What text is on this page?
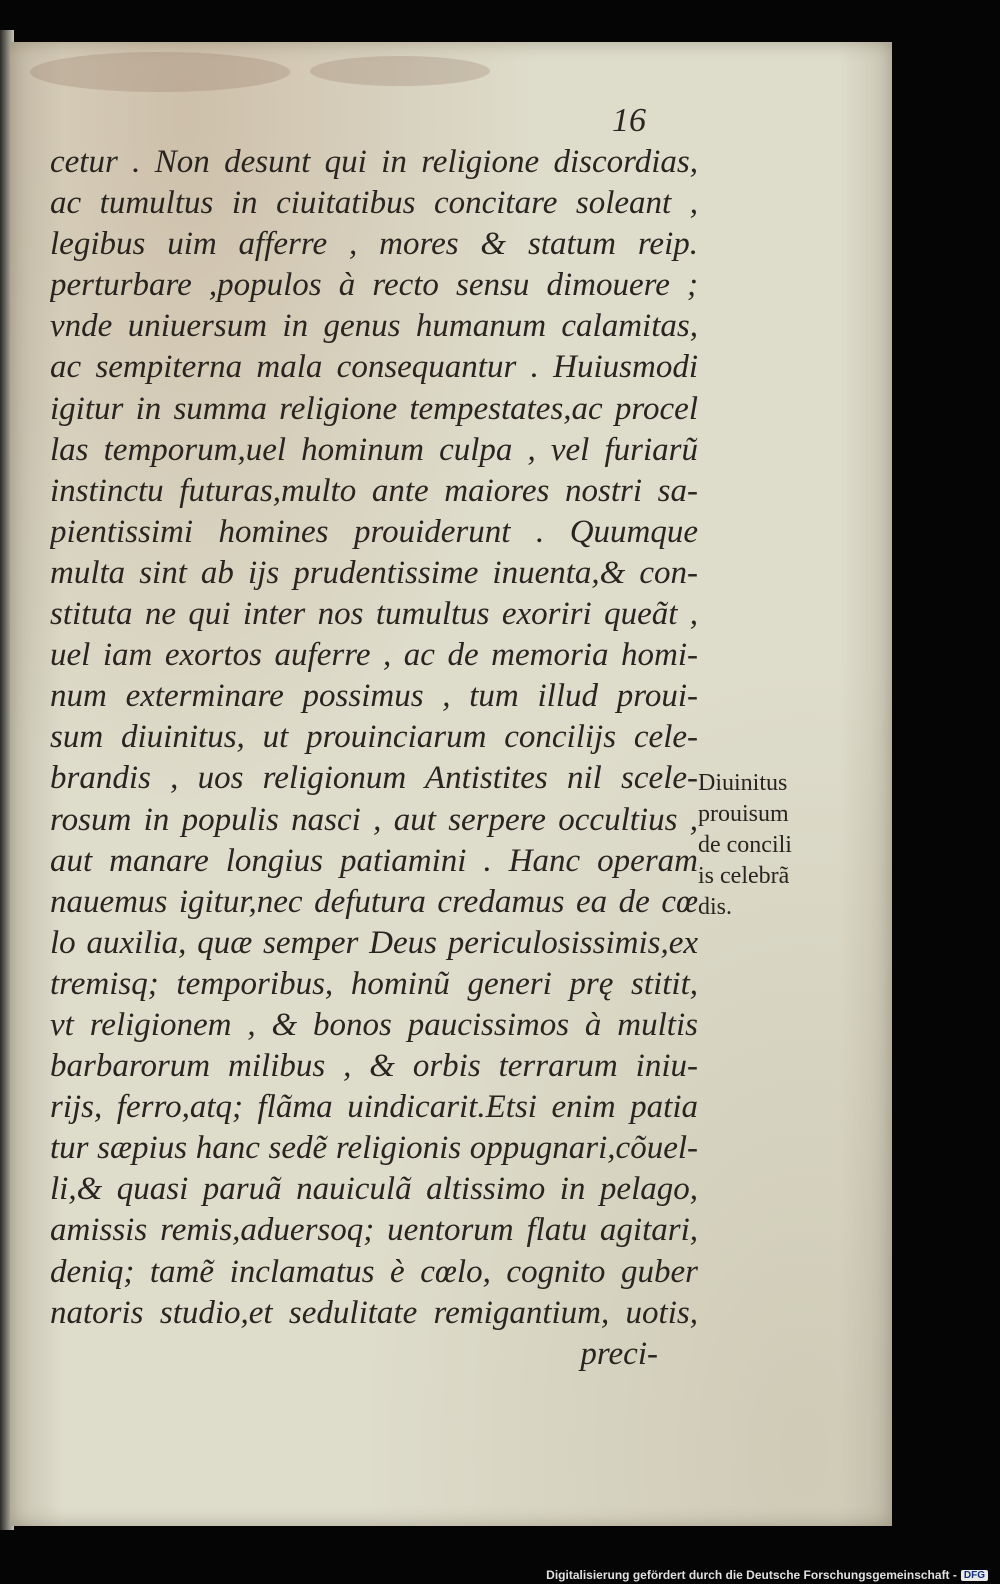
16
cetur . Non desunt qui in religione discordias,
ac tumultus in ciuitatibus concitare soleant ,
legibus uim afferre , mores & statum reip.
perturbare ,populos à recto sensu dimouere ;
vnde uniuersum in genus humanum calamitas,
ac sempiterna mala consequantur . Huiusmodi
igitur in summa religione tempestates,ac procel
las temporum,uel hominum culpa , vel furiarũ
instinctu futuras,multo ante maiores nostri sa-
pientissimi homines prouiderunt . Quumque
multa sint ab ijs prudentissime inuenta,& con-
stituta ne qui inter nos tumultus exoriri queãt ,
uel iam exortos auferre , ac de memoria homi-
num exterminare possimus , tum illud proui-
sum diuinitus, ut prouinciarum concilijs cele-
brandis , uos religionum Antistites nil scele-
rosum in populis nasci , aut serpere occultius ,
aut manare longius patiamini . Hanc operam
nauemus igitur,nec defutura credamus ea de cœ
lo auxilia, quæ semper Deus periculosissimis,ex
tremisq; temporibus, hominũ generi prę stitit,
vt religionem , & bonos paucissimos à multis
barbarorum milibus , & orbis terrarum iniu-
rijs, ferro,atq; flãma uindicarit.Etsi enim patia
tur sæpius hanc sedẽ religionis oppugnari,cõuel-
li,& quasi paruã nauiculã altissimo in pelago,
amissis remis,aduersoq; uentorum flatu agitari,
deniq; tamẽ inclamatus è cœlo, cognito guber
natoris studio,et sedulitate remigantium, uotis,
preci-
Diuinitus
prouisum
de concili
is celebrã
dis.
Digitalisierung gefördert durch die Deutsche Forschungsgemeinschaft - DFG
